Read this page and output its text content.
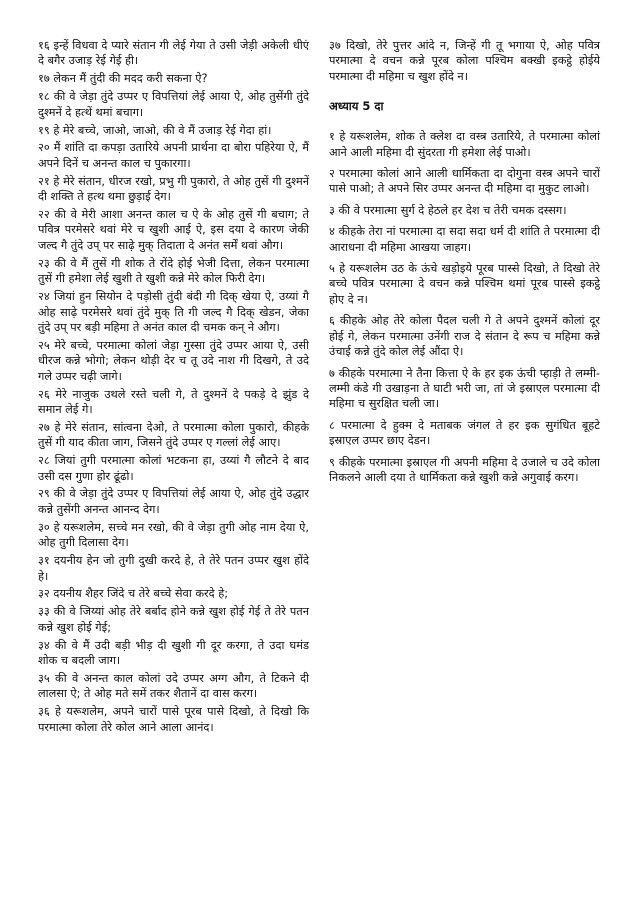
१६ इन्हें विधवा दे प्यारे संतान गी लेई गेया ते उसी जेड़ी अकेली धीएं दे बगैर उजाड़ रेई गेई ही।

१७ लेकन मैं तुंदी की मदद करी सकना ऐ?

१८ की वे जेड़ा तुंदे उप्पर ए विपत्तियां लेई आया ऐ, ओह तुसेंगी तुंदे दुश्मनें दे हत्थें थमां बचाग।

१९ हे मेरे बच्चे, जाओ, जाओ, की वे मैं उजाड़ रेई गेदा हां।

२० मैं शांति दा कपड़ा उतारिये अपनी प्रार्थना दा बोरा पहिरेया ऐ, मैं अपने दिनें च अनन्त काल च पुकारगा।

२१ हे मेरे संतान, धीरज रखो, प्रभु गी पुकारो, ते ओह तुसें गी दुश्मनें दी शक्ति ते हत्थ थमा छुड़ाई देग।

२२ की वे मेरी आशा अनन्त काल च ऐ के ओह तुसें गी बचाग; ते पवित्र परमेसरे थवां मेरे च खुशी आई ऐ, इस दया दे कारण जेकी जल्द गै तुंदे उप् पर साढ़े मुक् तिदाता दे अनंत सर्में थवां औग।

२३ की वे मैं तुसें गी शोक ते रोंदे होई भेजी दित्ता, लेकन परमात्मा तुसें गी हमेशा लेई खुशी ते खुशी कन्ने मेरे कोल फिरी देग।

२४ जियां हुन सियोन दे पड़ोसी तुंदी बंदी गी दिक् खेया ऐ, उय्यां गै ओह साढ़े परमेसरे थवां तुंदे मुक् ति गी जल्द गै दिक् खेडन, जेका तुंदे उप् पर बड़ी महिमा ते अनंत काल दी चमक कन् ने औग।

२५ मेरे बच्चे, परमात्मा कोलां जेड़ा गुस्सा तुंदे उप्पर आया ऐ, उसी धीरज कन्ने भोगो; लेकन थोड़ी देर च तू उदे नाश गी दिखगे, ते उदे गले उप्पर चढ़ी जागे।

२६ मेरे नाजुक उथले रस्ते चली गे, ते दुश्मनें दे पकड़े दे झुंड दे समान लेई गे।

२७ हे मेरे संतान, सांत्वना देओ, ते परमात्मा कोला पुकारो, कीहके तुसें गी याद कीता जाग, जिसने तुंदे उप्पर ए गल्लां लेई आए।

२८ जियां तुगी परमात्मा कोलां भटकना हा, उय्यां गै लौटने दे बाद उसी दस गुणा होर ढूंढो।

२९ की वे जेड़ा तुंदे उप्पर ए विपत्तियां लेई आया ऐ, ओह तुंदे उद्धार कन्ने तुसेंगी अनन्त आनन्द देग।

३० हे यरूशलेम, सच्चे मन रखो, की वे जेड़ा तुगी ओह नाम देया ऐ, ओह तुगी दिलासा देग।

३१ दयनीय हेन जो तुगी दुखी करदे हे, ते तेरे पतन उप्पर खुश होंदे हे।

३२ दयनीय शैहर जिंदे च तेरे बच्चे सेवा करदे हे;

३३ की वे जिय्यां ओह तेरे बर्बाद होने कन्ने खुश होई गेई ते तेरे पतन कन्ने खुश होई गेई;

३४ की वे मैं उदी बड़ी भीड़ दी खुशी गी दूर करगा, ते उदा घमंड शोक च बदली जाग।

३५ की वे अनन्त काल कोलां उदे उप्पर अग्ग औग, ते टिकने दी लालसा ऐ; ते ओह मते समें तकर शैतानें दा वास करग।

३६ हे यरूशलेम, अपने चारों पासे पूरब पासे दिखो, ते दिखो कि परमात्मा कोला तेरे कोल आने आला आनंद।

३७ दिखो, तेरे पुत्तर आंदे न, जिन्हें गी तू भगाया ऐ, ओह पवित्र परमात्मा दे वचन कन्ने पूरब कोला पश्चिम बक्खी इकट्ठे होईये परमात्मा दी महिमा च खुश होंदे न।

अध्याय 5 दा

१ हे यरूशलेम, शोक ते क्लेश दा वस्त्र उतारिये, ते परमात्मा कोलां आने आली महिमा दी सुंदरता गी हमेशा लेई पाओ।

२ परमात्मा कोलां आने आली धार्मिकता दा दोगुना वस्त्र अपने चारों पासे पाओ; ते अपने सिर उप्पर अनन्त दी महिमा दा मुकुट लाओ।

३ की वे परमात्मा सुर्ग दे हेठले हर देश च तेरी चमक दस्सग।

४ कीहके तेरा नां परमात्मा दा सदा सदा धर्म दी शांति ते परमात्मा दी आराधना दी महिमा आखया जाहग।

५ हे यरूशलेम उठ के ऊंचे खड़ोइये पूरब पास्से दिखो, ते दिखो तेरे बच्चे पवित्र परमात्मा दे वचन कन्ने पश्चिम थमां पूरब पास्से इकट्ठे होए दे न।

६ कीहके ओह तेरे कोला पैदल चली गे ते अपने दुश्मनें कोलां दूर होई गे, लेकन परमात्मा उनेंगी राज दे संतान दे रूप च महिमा कन्ने उंचाई कन्ने तुंदे कोल लेई औंदा ऐ।

७ कीहके परमात्मा ने तैना कित्ता ऐ के हर इक ऊंची प्हाड़ी ते लम्मी-लम्मी कंडे गी उखाड़ना ते घाटी भरी जा, तां जे इस्राएल परमात्मा दी महिमा च सुरक्षित चली जा।

८ परमात्मा दे हुक्म दे मताबक जंगल ते हर इक सुगंधित बूहटे इस्राएल उप्पर छाए देडन।

९ कीहके परमात्मा इस्राएल गी अपनी महिमा दे उजाले च उदे कोला निकलने आली दया ते धार्मिकता कन्ने खुशी कन्ने अगुवाई करग।
